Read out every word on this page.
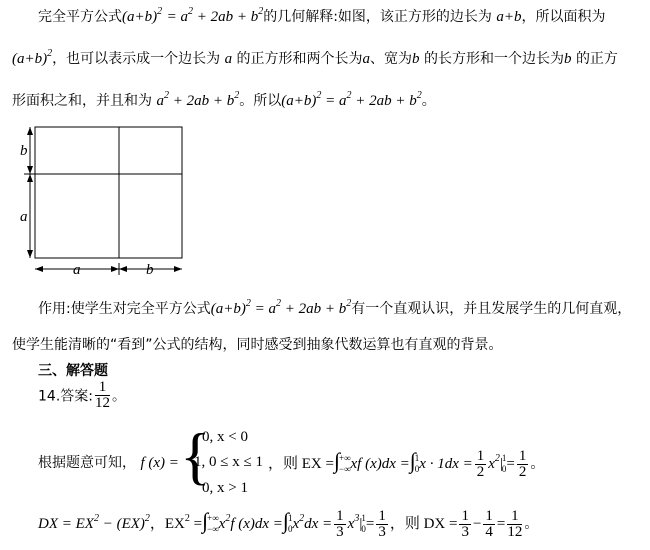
完全平方公式$(a+b)^2 = a^2 + 2ab + b^2$的几何解释:如图，该正方形的边长为 a+b，所以面积为
$(a+b)^2$，也可以表示成一个边长为 a 的正方形和两个长为a、宽为b 的长方形和一个边长为b 的正方
形面积之和，并且和为 $a^2 + 2ab + b^2$。所以$(a+b)^2 = a^2 + 2ab + b^2$。
b
a
a	b
作用:使学生对完全平方公式$(a+b)^2 = a^2 + 2ab + b^2$有一个直观认识，并且发展学生的几何直观，
使学生能清晰的“看到”公式的结构，同时感受到抽象代数运算也有直观的背景。
三、解答题
14.答案: $\frac{1}{12}$ 。
根据题意可知， f (x) = {
0, x < 0
1, 0 ≤ x ≤ 1
0, x > 1
，则 EX =∫+∞
−∞xf (x)dx =∫1
$0x \cdot 1dx = \frac{1}{2} x^2|1$
$0= \frac{1}{2}$ 。
DX = $EX^2 - (EX)^2$，$EX^2$ =∫+∞
$-\infty x^2f$ (x)dx =∫1
$0x^2dx = \frac{1}{3} x^3|1$
$0= \frac{1}{3}$ ，则 DX = $\frac{1}{3} - \frac{1}{4} = \frac{1}{12}$ 。
